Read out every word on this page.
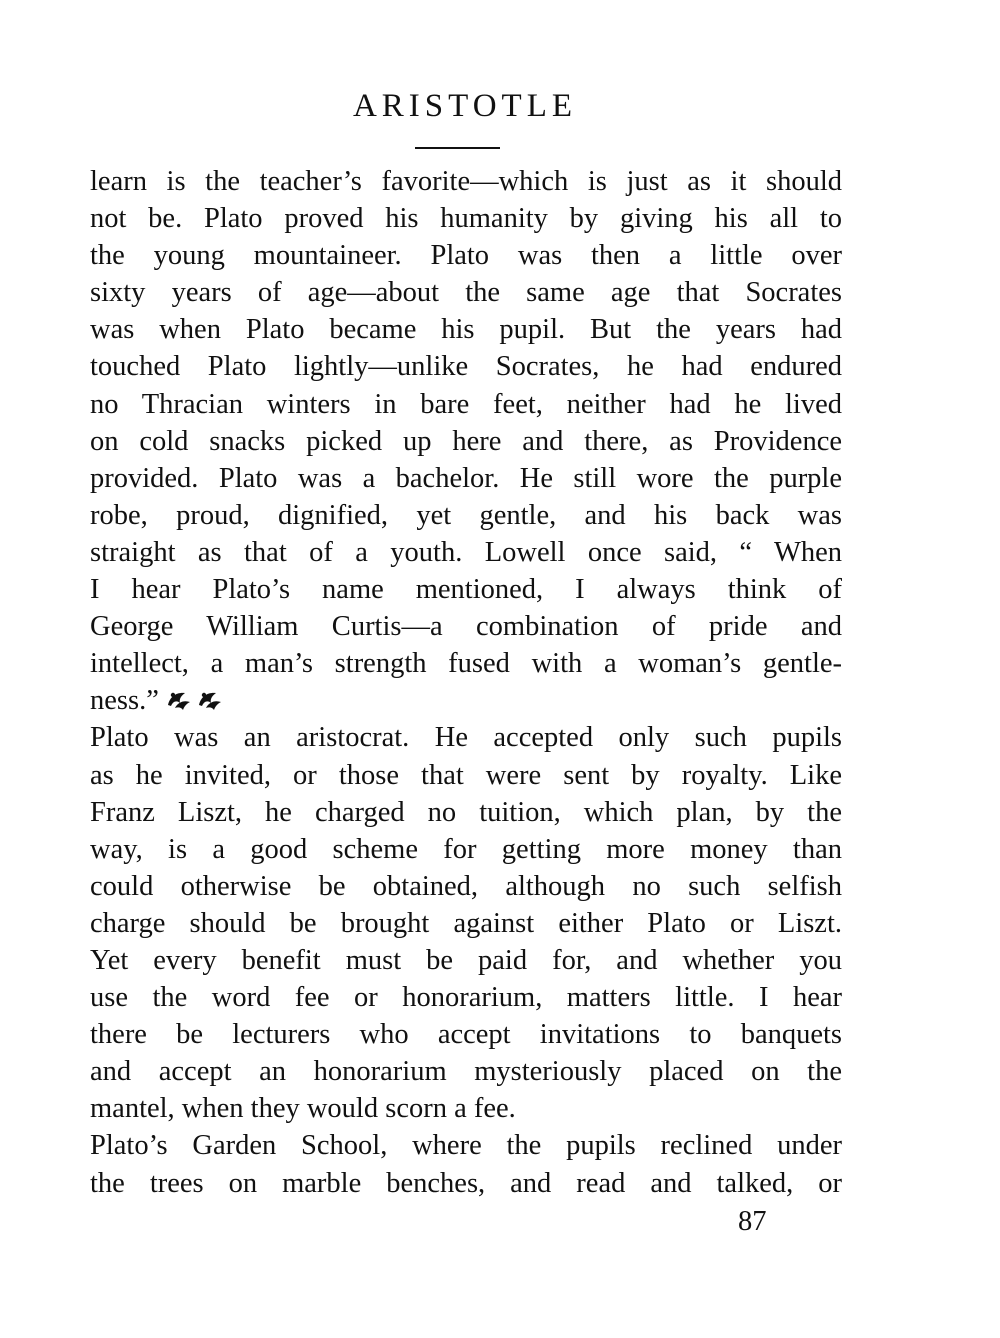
ARISTOTLE
learn is the teacher’s favorite—which is just as it should
not be. Plato proved his humanity by giving his all to
the young mountaineer. Plato was then a little over
sixty years of age—about the same age that Socrates
was when Plato became his pupil. But the years had
touched Plato lightly—unlike Socrates, he had endured
no Thracian winters in bare feet, neither had he lived
on cold snacks picked up here and there, as Providence
provided. Plato was a bachelor. He still wore the purple
robe, proud, dignified, yet gentle, and his back was
straight as that of a youth. Lowell once said, “ When
I hear Plato’s name mentioned, I always think of
George William Curtis—a combination of pride and
intellect, a man’s strength fused with a woman’s gentle-
ness.”
Plato was an aristocrat. He accepted only such pupils
as he invited, or those that were sent by royalty. Like
Franz Liszt, he charged no tuition, which plan, by the
way, is a good scheme for getting more money than
could otherwise be obtained, although no such selfish
charge should be brought against either Plato or Liszt.
Yet every benefit must be paid for, and whether you
use the word fee or honorarium, matters little. I hear
there be lecturers who accept invitations to banquets
and accept an honorarium mysteriously placed on the
mantel, when they would scorn a fee.
Plato’s Garden School, where the pupils reclined under
the trees on marble benches, and read and talked, or
87
